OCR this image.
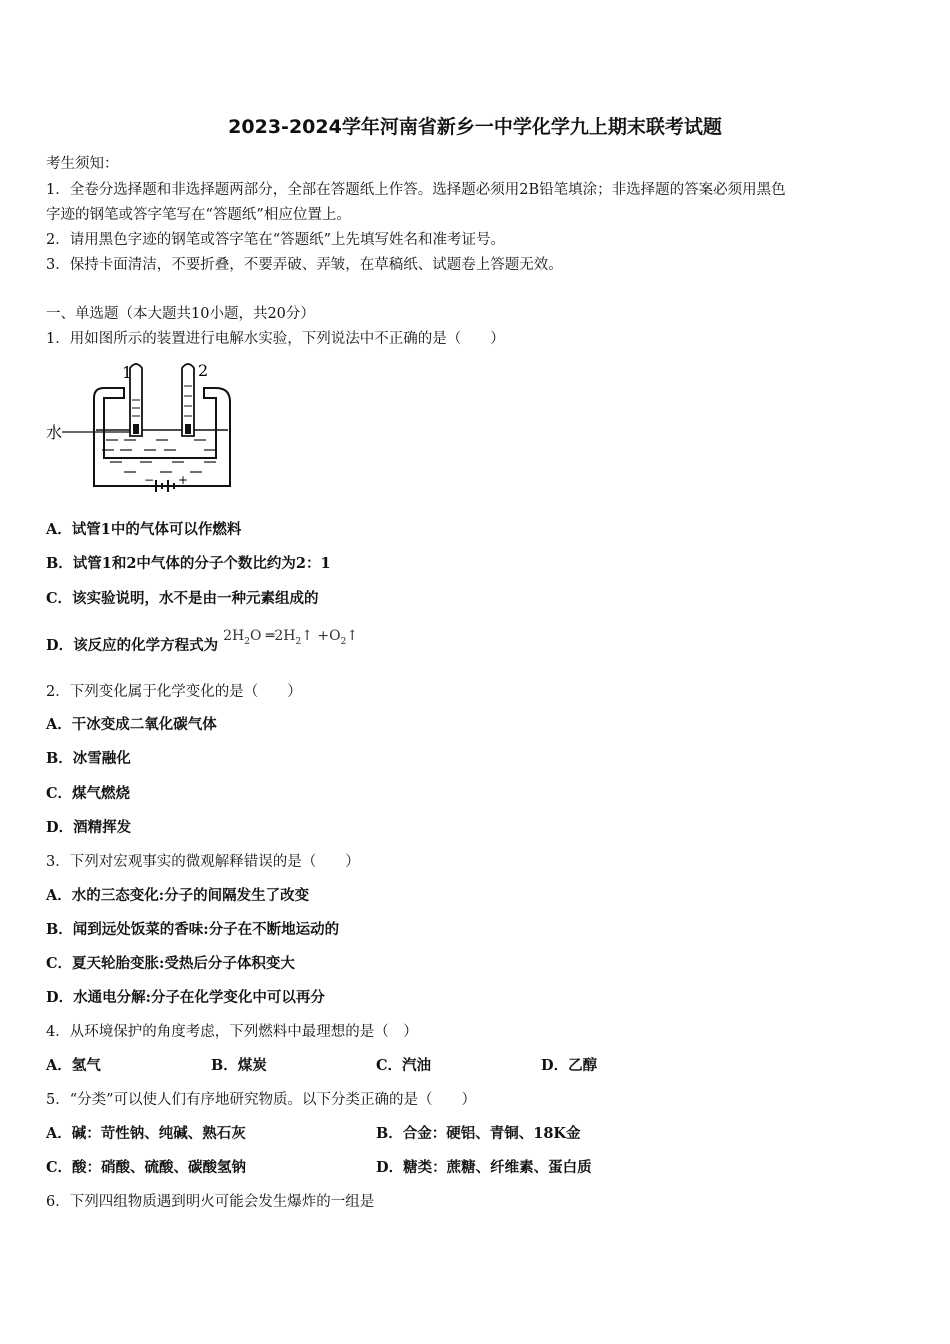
2023-2024学年河南省新乡一中学化学九上期末联考试题
考生须知：
1．全卷分选择题和非选择题两部分，全部在答题纸上作答。选择题必须用2B铅笔填涂；非选择题的答案必须用黑色
字迹的钢笔或答字笔写在“答题纸”相应位置上。
2．请用黑色字迹的钢笔或答字笔在“答题纸”上先填写姓名和准考证号。
3．保持卡面清洁，不要折叠，不要弄破、弄皱，在草稿纸、试题卷上答题无效。
一、单选题（本大题共10小题，共20分）
1．用如图所示的装置进行电解水实验，下列说法中不正确的是（　　）
水
1	2
− +
A．试管1中的气体可以作燃料
B．试管1和2中气体的分子个数比约为2：1
C．该实验说明，水不是由一种元素组成的
D．该反应的化学方程式为 $2H_2O$ $═2H_2↑$ $+O_2↑$
2．下列变化属于化学变化的是（　　）
A．干冰变成二氧化碳气体
B．冰雪融化
C．煤气燃烧
D．酒精挥发
3．下列对宏观事实的微观解释错误的是（　　）
A．水的三态变化:分子的间隔发生了改变
B．闻到远处饭菜的香味:分子在不断地运动的
C．夏天轮胎变胀:受热后分子体积变大
D．水通电分解:分子在化学变化中可以再分
4．从环境保护的角度考虑，下列燃料中最理想的是（　）
A．氢气	B．煤炭	C．汽油	D．乙醇
5．“分类”可以使人们有序地研究物质。以下分类正确的是（　　）
A．碱：苛性钠、纯碱、熟石灰	B．合金：硬铝、青铜、18K金
C．酸：硝酸、硫酸、碳酸氢钠	D．糖类：蔗糖、纤维素、蛋白质
6．下列四组物质遇到明火可能会发生爆炸的一组是
